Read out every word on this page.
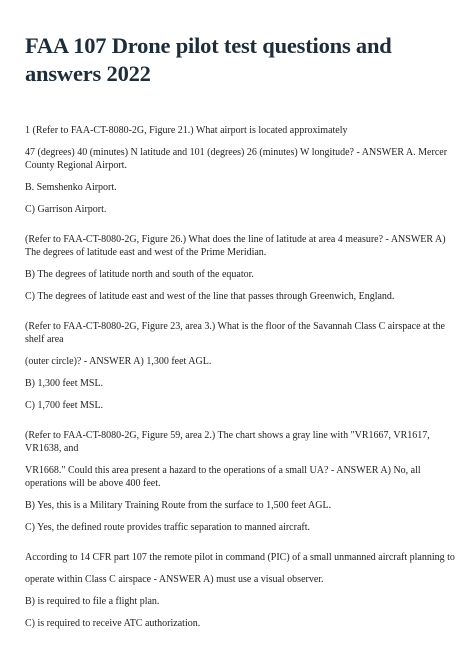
FAA 107 Drone pilot test questions and answers 2022

1 (Refer to FAA-CT-8080-2G, Figure 21.) What airport is located approximately

47 (degrees) 40 (minutes) N latitude and 101 (degrees) 26 (minutes) W longitude? - ANSWER A. Mercer County Regional Airport.

B. Semshenko Airport.

C) Garrison Airport.

(Refer to FAA-CT-8080-2G, Figure 26.) What does the line of latitude at area 4 measure? - ANSWER A) The degrees of latitude east and west of the Prime Meridian.

B) The degrees of latitude north and south of the equator.

C) The degrees of latitude east and west of the line that passes through Greenwich, England.

(Refer to FAA-CT-8080-2G, Figure 23, area 3.) What is the floor of the Savannah Class C airspace at the shelf area

(outer circle)? - ANSWER A) 1,300 feet AGL.

B) 1,300 feet MSL.

C) 1,700 feet MSL.

(Refer to FAA-CT-8080-2G, Figure 59, area 2.) The chart shows a gray line with "VR1667, VR1617, VR1638, and

VR1668." Could this area present a hazard to the operations of a small UA? - ANSWER A) No, all operations will be above 400 feet.

B) Yes, this is a Military Training Route from the surface to 1,500 feet AGL.

C) Yes, the defined route provides traffic separation to manned aircraft.

According to 14 CFR part 107 the remote pilot in command (PIC) of a small unmanned aircraft planning to

operate within Class C airspace - ANSWER A) must use a visual observer.

B) is required to file a flight plan.

C) is required to receive ATC authorization.
